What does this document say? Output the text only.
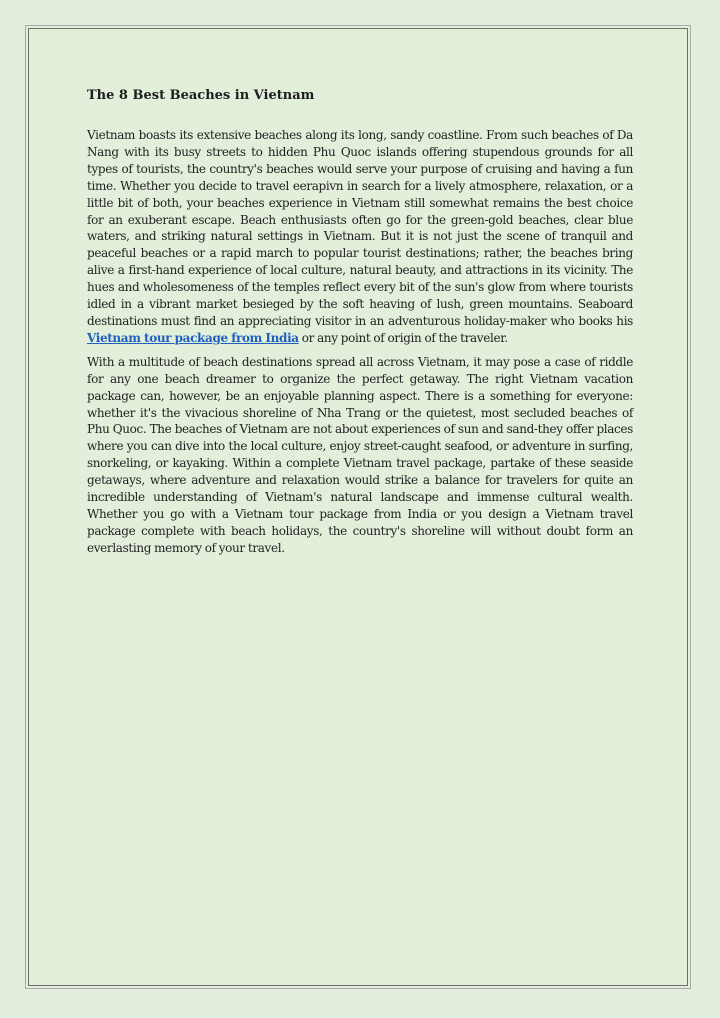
The 8 Best Beaches in Vietnam

Vietnam boasts its extensive beaches along its long, sandy coastline. From such beaches of Da Nang with its busy streets to hidden Phu Quoc islands offering stupendous grounds for all types of tourists, the country's beaches would serve your purpose of cruising and having a fun time. Whether you decide to travel eerapivn in search for a lively atmosphere, relaxation, or a little bit of both, your beaches experience in Vietnam still somewhat remains the best choice for an exuberant escape. Beach enthusiasts often go for the green-gold beaches, clear blue waters, and striking natural settings in Vietnam. But it is not just the scene of tranquil and peaceful beaches or a rapid march to popular tourist destinations; rather, the beaches bring alive a first-hand experience of local culture, natural beauty, and attractions in its vicinity. The hues and wholesomeness of the temples reflect every bit of the sun's glow from where tourists idled in a vibrant market besieged by the soft heaving of lush, green mountains. Seaboard destinations must find an appreciating visitor in an adventurous holiday-maker who books his Vietnam tour package from India or any point of origin of the traveler.

With a multitude of beach destinations spread all across Vietnam, it may pose a case of riddle for any one beach dreamer to organize the perfect getaway. The right Vietnam vacation package can, however, be an enjoyable planning aspect. There is a something for everyone: whether it's the vivacious shoreline of Nha Trang or the quietest, most secluded beaches of Phu Quoc. The beaches of Vietnam are not about experiences of sun and sand-they offer places where you can dive into the local culture, enjoy street-caught seafood, or adventure in surfing, snorkeling, or kayaking. Within a complete Vietnam travel package, partake of these seaside getaways, where adventure and relaxation would strike a balance for travelers for quite an incredible understanding of Vietnam's natural landscape and immense cultural wealth. Whether you go with a Vietnam tour package from India or you design a Vietnam travel package complete with beach holidays, the country's shoreline will without doubt form an everlasting memory of your travel.
